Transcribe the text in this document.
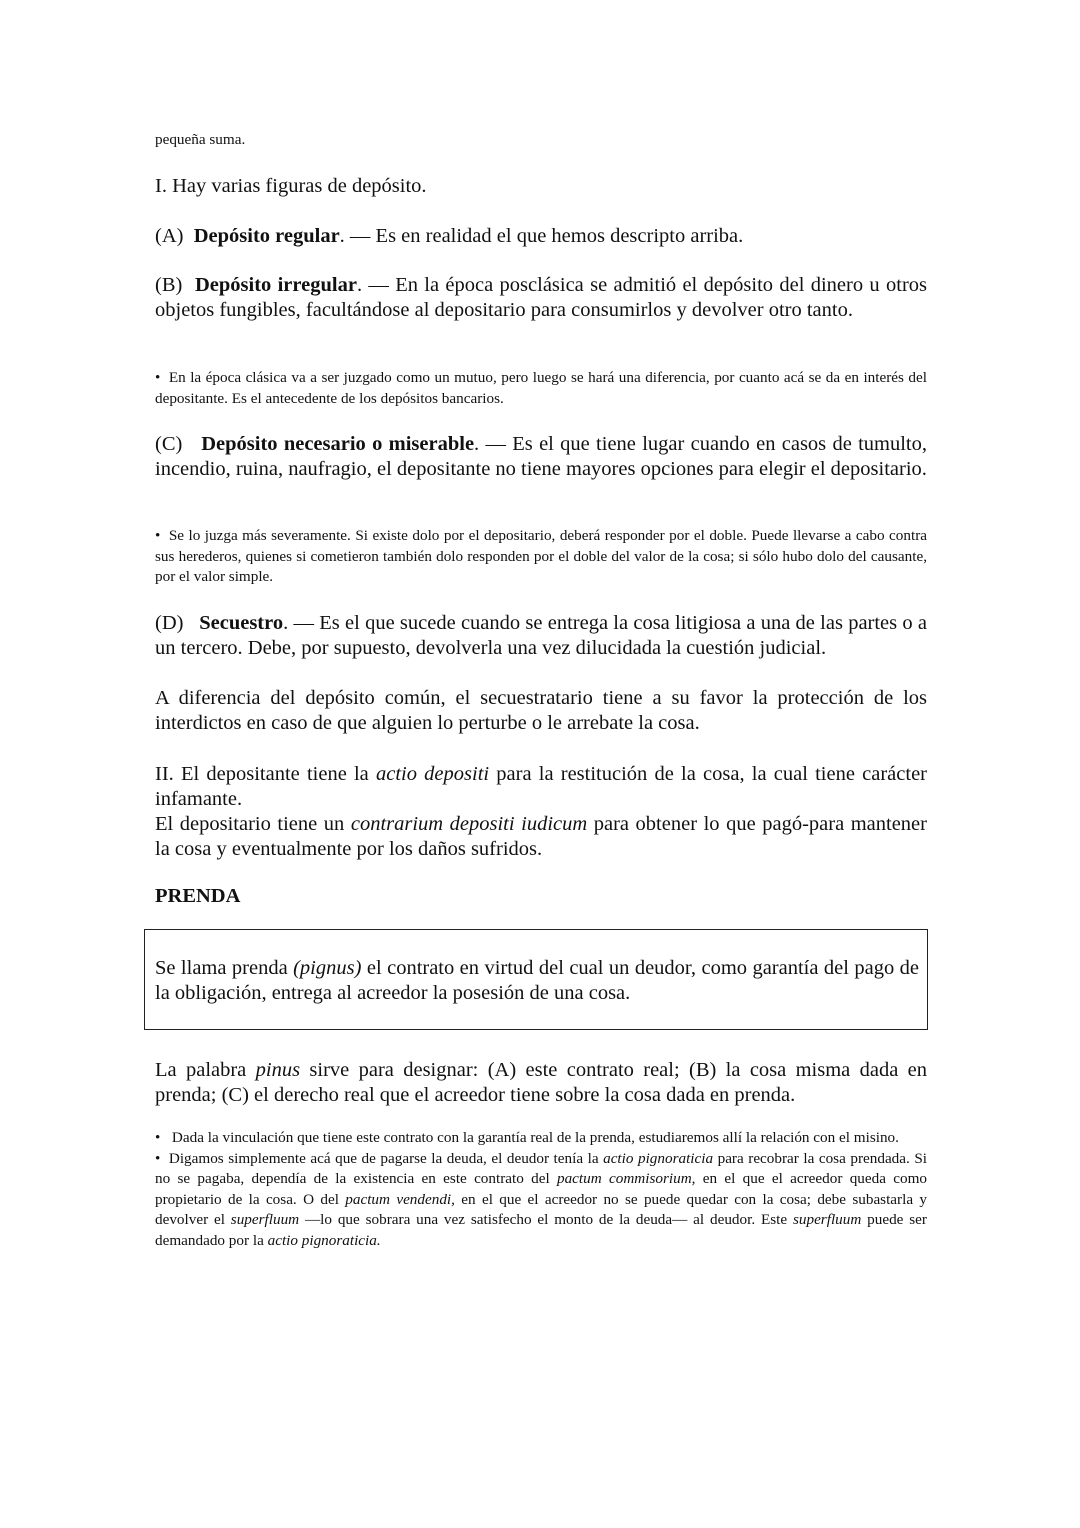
pequeña suma.

I. Hay varias figuras de depósito.

(A) Depósito regular. — Es en realidad el que hemos descripto arriba.

(B) Depósito irregular. — En la época posclásica se admitió el depósito del dinero u otros objetos fungibles, facultándose al depositario para consumirlos y devolver otro tanto.

• En la época clásica va a ser juzgado como un mutuo, pero luego se hará una diferencia, por cuanto acá se da en interés del depositante. Es el antecedente de los depósitos bancarios.

(C) Depósito necesario o miserable. — Es el que tiene lugar cuando en casos de tumulto, incendio, ruina, naufragio, el depositante no tiene mayores opciones para elegir el depositario.

• Se lo juzga más severamente. Si existe dolo por el depositario, deberá responder por el doble. Puede llevarse a cabo contra sus herederos, quienes si cometieron también dolo responden por el doble del valor de la cosa; si sólo hubo dolo del causante, por el valor simple.

(D) Secuestro. — Es el que sucede cuando se entrega la cosa litigiosa a una de las partes o a un tercero. Debe, por supuesto, devolverla una vez dilucidada la cuestión judicial.

A diferencia del depósito común, el secuestratario tiene a su favor la protección de los interdictos en caso de que alguien lo perturbe o le arrebate la cosa.

II. El depositante tiene la actio depositi para la restitución de la cosa, la cual tiene carácter infamante.

El depositario tiene un contrarium depositi iudicum para obtener lo que pagó-para mantener la cosa y eventualmente por los daños sufridos.

PRENDA

Se llama prenda (pignus) el contrato en virtud del cual un deudor, como garantía del pago de la obligación, entrega al acreedor la posesión de una cosa.

La palabra pinus sirve para designar: (A) este contrato real; (B) la cosa misma dada en prenda; (C) el derecho real que el acreedor tiene sobre la cosa dada en prenda.

• Dada la vinculación que tiene este contrato con la garantía real de la prenda, estudiaremos allí la relación con el misino.

• Digamos simplemente acá que de pagarse la deuda, el deudor tenía la actio pignoraticia para recobrar la cosa prendada. Si no se pagaba, dependía de la existencia en este contrato del pactum commisorium, en el que el acreedor queda como propietario de la cosa. O del pactum vendendi, en el que el acreedor no se puede quedar con la cosa; debe subastarla y devolver el superfluum —lo que sobrara una vez satisfecho el monto de la deuda— al deudor. Este superfluum puede ser demandado por la actio pignoraticia.
